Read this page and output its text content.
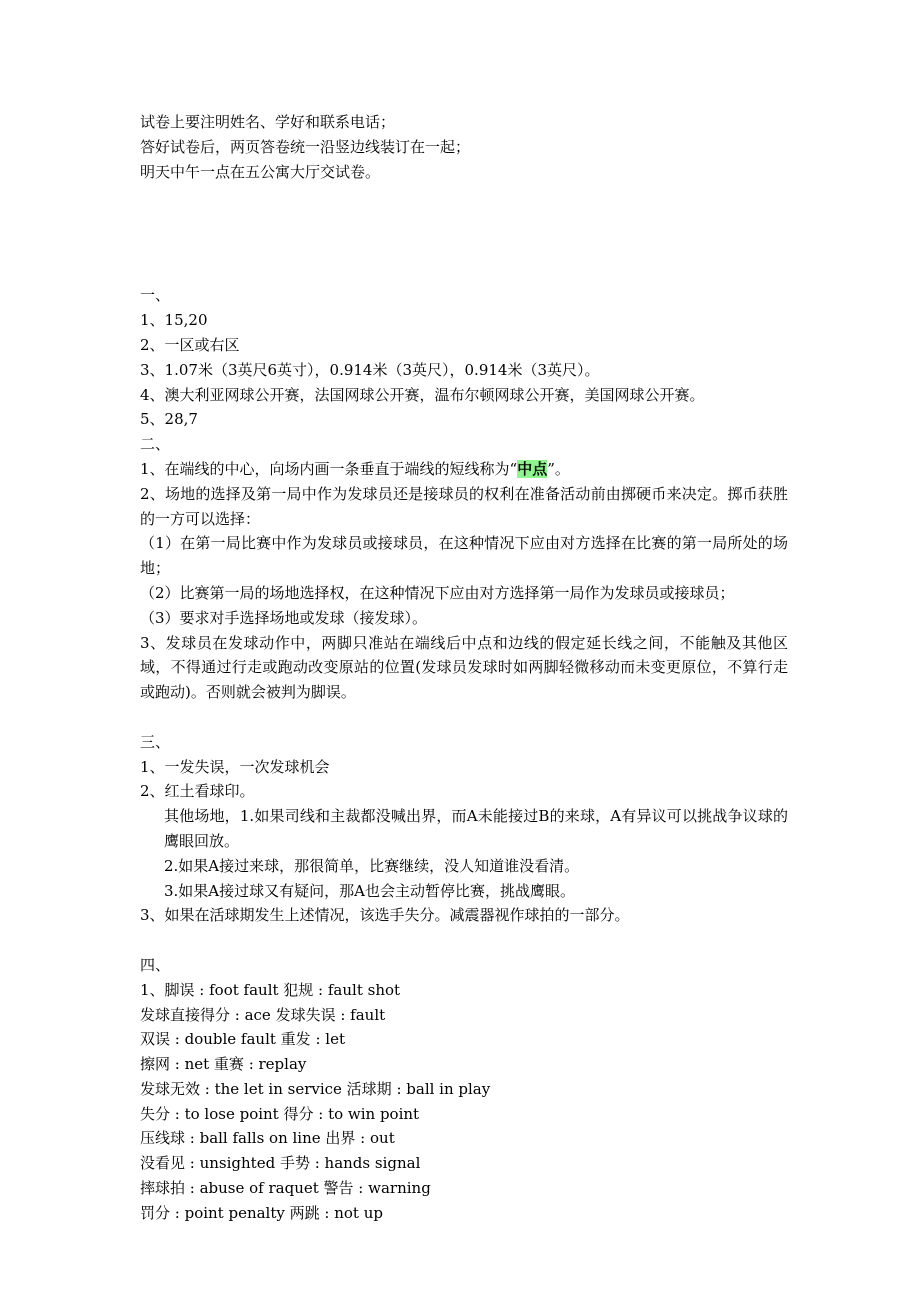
试卷上要注明姓名、学好和联系电话；
答好试卷后，两页答卷统一沿竖边线装订在一起；
明天中午一点在五公寓大厅交试卷。
一、
1、15,20
2、一区或右区
3、1.07米（3英尺6英寸），0.914米（3英尺），0.914米（3英尺）。
4、澳大利亚网球公开赛，法国网球公开赛，温布尔顿网球公开赛，美国网球公开赛。
5、28,7
二、
1、在端线的中心，向场内画一条垂直于端线的短线称为“中点”。
2、场地的选择及第一局中作为发球员还是接球员的权利在准备活动前由掷硬币来决定。掷币获胜的一方可以选择：
（1）在第一局比赛中作为发球员或接球员，在这种情况下应由对方选择在比赛的第一局所处的场地；
（2）比赛第一局的场地选择权，在这种情况下应由对方选择第一局作为发球员或接球员；
（3）要求对手选择场地或发球（接发球）。
3、发球员在发球动作中，两脚只准站在端线后中点和边线的假定延长线之间，不能触及其他区域，不得通过行走或跑动改变原站的位置(发球员发球时如两脚轻微移动而未变更原位，不算行走或跑动)。否则就会被判为脚误。
三、
1、一发失误，一次发球机会
2、红土看球印。
其他场地，1.如果司线和主裁都没喊出界，而A未能接过B的来球，A有异议可以挑战争议球的鹰眼回放。
2.如果A接过来球，那很简单，比赛继续，没人知道谁没看清。
3.如果A接过球又有疑问，那A也会主动暂停比赛，挑战鹰眼。
3、如果在活球期发生上述情况，该选手失分。减震器视作球拍的一部分。
四、
1、脚误 : foot fault 犯规 : fault shot
发球直接得分 : ace 发球失误 : fault
双误 : double fault 重发 : let
擦网 : net 重赛 : replay
发球无效 : the let in service 活球期 : ball in play
失分 : to lose point 得分 : to win point
压线球 : ball falls on line 出界 : out
没看见 : unsighted 手势 : hands signal
摔球拍 : abuse of raquet 警告 : warning
罚分 : point penalty 两跳 : not up
